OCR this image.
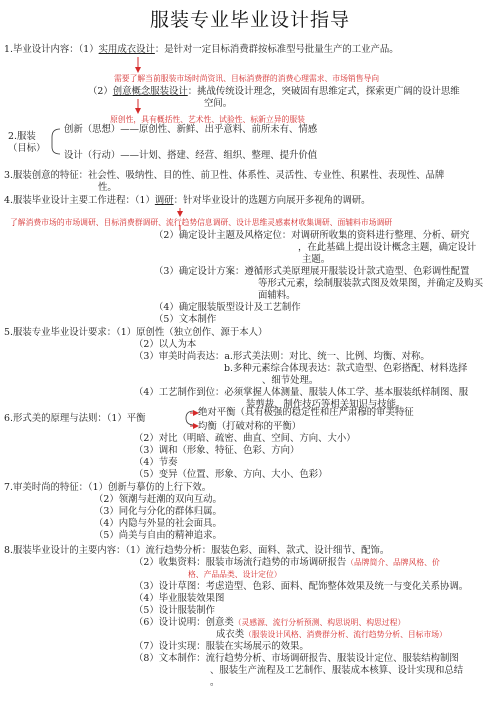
服装专业毕业设计指导
1.毕业设计内容：（1）实用成衣设计：是针对一定目标消费群按标准型号批量生产的工业产品。
需要了解当前服装市场时尚资讯、目标消费群的消费心理需求、市场销售导向
（2）创意概念服装设计：挑战传统设计理念，突破固有思维定式，探索更广阔的设计思维
空间。
原创性，具有概括性、艺术性、试验性、标新立异的服装
2.服装
（目标）
创新（思想）——原创性、新鲜、出乎意料、前所未有、情感
设计（行动）——计划、搭建、经营、组织、整理、提升价值
3.服装创意的特征：社会性、吸纳性、目的性、前卫性、体系性、灵活性、专业性、积累性、表现性、品牌
性。
4.服装毕业设计主要工作进程：（1）调研：针对毕业设计的选题方向展开多视角的调研。
了解消费市场的市场调研、目标消费群调研、流行趋势信息调研、设计思维灵感素材收集调研、面辅料市场调研
（2）确定设计主题及风格定位：对调研所收集的资料进行整理、分析、研究
，在此基础上提出设计概念主题，确定设计
主题。
（3）确定设计方案：遵循形式美原理展开服装设计款式造型、色彩调性配置
等形式元素，绘制服装款式图及效果图，并确定及购买
面辅料。
（4）确定服装版型设计及工艺制作
（5）文本制作
5.服装专业毕业设计要求：（1）原创性（独立创作、源于本人）
（2）以人为本
（3）审美时尚表达：a.形式美法则：对比、统一、比例、均衡、对称。
b.多种元素综合体现表达：款式造型、色彩搭配、材料选择
、细节处理。
（4）工艺制作到位：必须掌握人体测量、服装人体工学、基本服装纸样制图、服
装剪裁、制作技巧等相关知识与技能。
6.形式美的原理与法则：（1）平衡
绝对平衡（具有极强的稳定性和庄严肃穆的审美特征
均衡（打破对称的平衡）
（2）对比（明暗、疏密、曲直、空间、方向、大小）
（3）调和（形象、特征、色彩、方向）
（4）节奏
（5）变异（位置、形象、方向、大小、色彩）
7.审美时尚的特征：（1）创新与摹仿的上行下效。
（2）领潮与赶潮的双向互动。
（3）同化与分化的群体归属。
（4）内隐与外显的社会面具。
（5）尚美与自由的精神追求。
8.服装毕业设计的主要内容：（1）流行趋势分析：服装色彩、面料、款式、设计细节、配饰。
（2）收集资料：服装市场流行趋势的市场调研报告（品牌简介、品牌风格、价
格、产品品类、设计定位）
（3）设计草图：考虑造型、色彩、面料、配饰整体效果及统一与变化关系协调。
（4）毕业服装效果图
（5）设计服装制作
（6）设计说明：创意类（灵感源、流行分析预测、构思说明、构思过程）
成衣类（服装设计风格、消费群分析、流行趋势分析、目标市场）
（7）设计实现：服装在实场展示的效果。
（8）文本制作：流行趋势分析、市场调研报告、服装设计定位、服装结构制图
、服装生产流程及工艺制作、服装成本核算、设计实现和总结
。
